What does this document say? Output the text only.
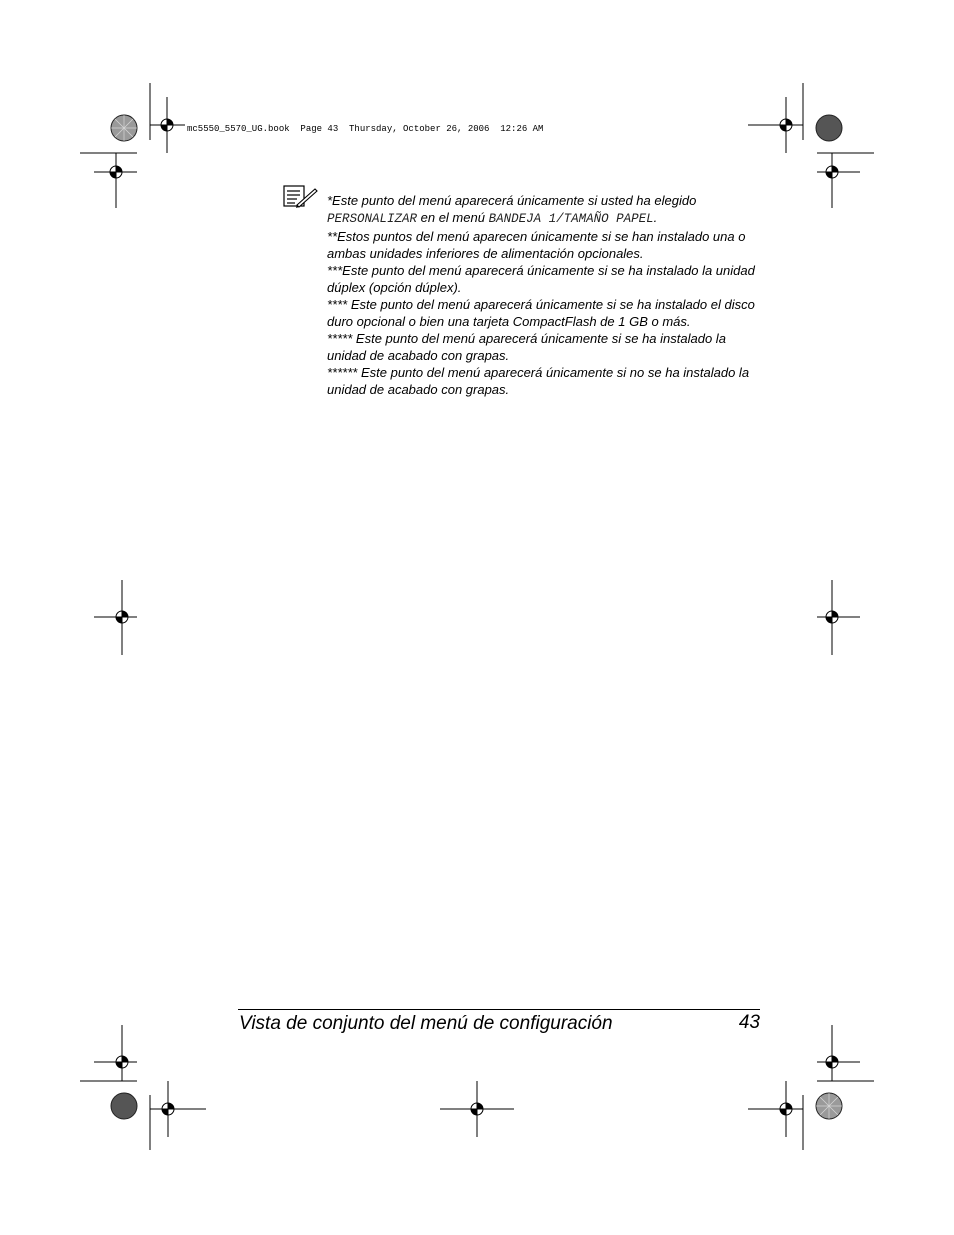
mc5550_5570_UG.book  Page 43  Thursday, October 26, 2006  12:26 AM

*Este punto del menú aparecerá únicamente si usted ha elegido PERSONALIZAR en el menú BANDEJA 1/TAMAÑO PAPEL.

**Estos puntos del menú aparecen únicamente si se han instalado una o ambas unidades inferiores de alimentación opcionales.

***Este punto del menú aparecerá únicamente si se ha instalado la unidad dúplex (opción dúplex).

**** Este punto del menú aparecerá únicamente si se ha instalado el disco duro opcional o bien una tarjeta CompactFlash de 1 GB o más.

***** Este punto del menú aparecerá únicamente si se ha instalado la unidad de acabado con grapas.

****** Este punto del menú aparecerá únicamente si no se ha instalado la unidad de acabado con grapas.

Vista de conjunto del menú de configuración	43
